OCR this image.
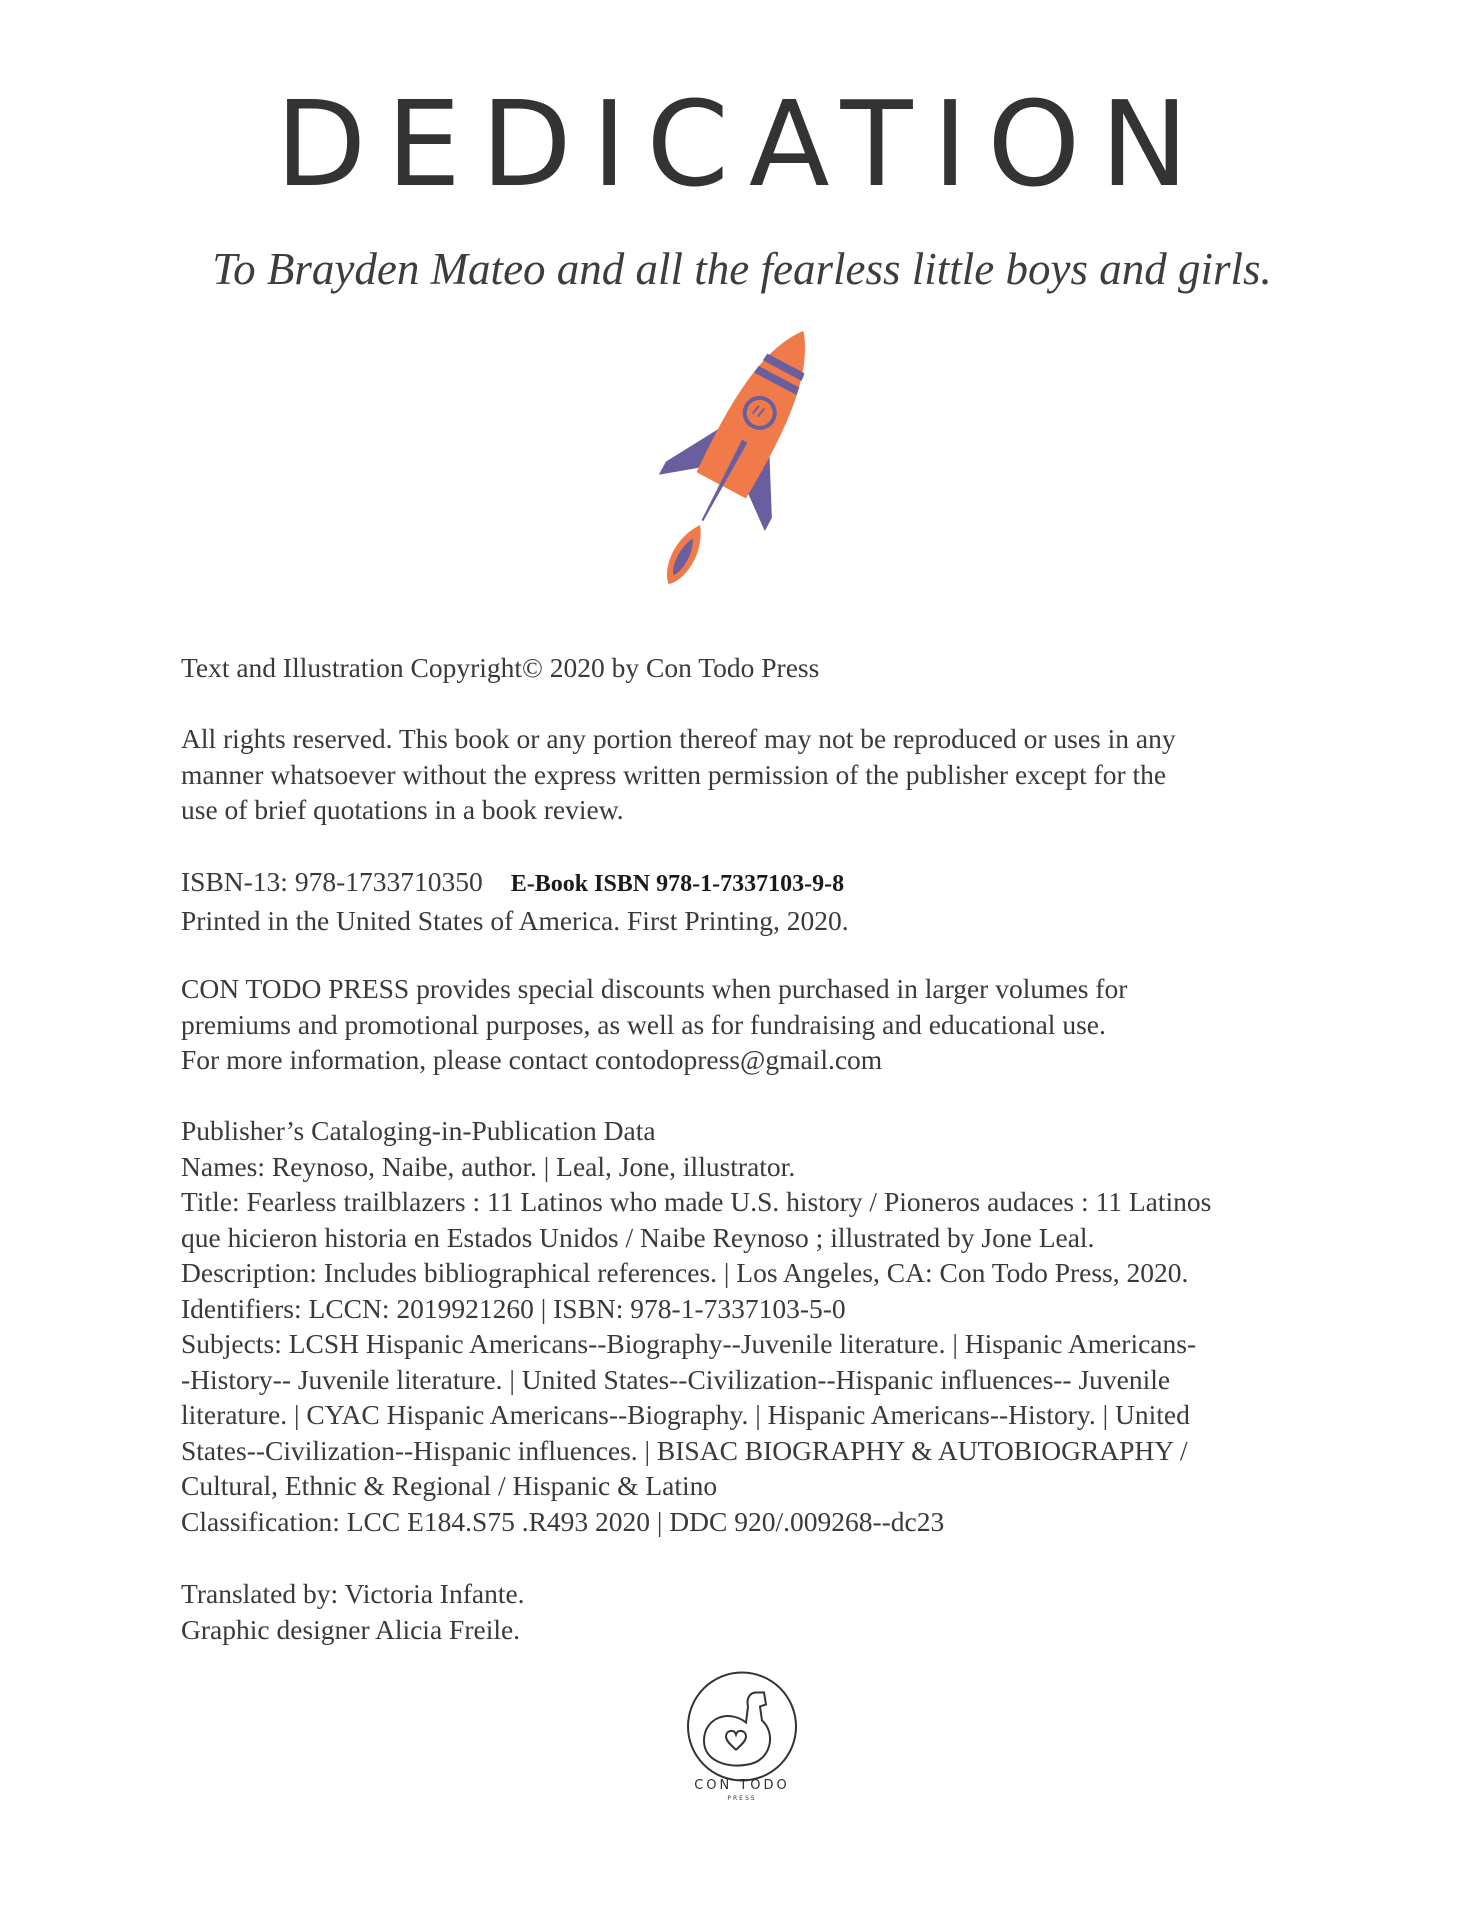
DEDICATION
To Brayden Mateo and all the fearless little boys and girls.
Text and Illustration Copyright© 2020 by Con Todo Press
All rights reserved. This book or any portion thereof may not be reproduced or uses in any
manner whatsoever without the express written permission of the publisher except for the
use of brief quotations in a book review.
ISBN-13: 978-1733710350 E-Book ISBN 978-1-7337103-9-8
Printed in the United States of America. First Printing, 2020.
CON TODO PRESS provides special discounts when purchased in larger volumes for
premiums and promotional purposes, as well as for fundraising and educational use.
For more information, please contact contodopress@gmail.com
Publisher’s Cataloging-in-Publication Data
Names: Reynoso, Naibe, author. | Leal, Jone, illustrator.
Title: Fearless trailblazers : 11 Latinos who made U.S. history / Pioneros audaces : 11 Latinos
que hicieron historia en Estados Unidos / Naibe Reynoso ; illustrated by Jone Leal.
Description: Includes bibliographical references. | Los Angeles, CA: Con Todo Press, 2020.
Identifiers: LCCN: 2019921260 | ISBN: 978-1-7337103-5-0
Subjects: LCSH Hispanic Americans--Biography--Juvenile literature. | Hispanic Americans-
-History-- Juvenile literature. | United States--Civilization--Hispanic influences-- Juvenile
literature. | CYAC Hispanic Americans--Biography. | Hispanic Americans--History. | United
States--Civilization--Hispanic influences. | BISAC BIOGRAPHY & AUTOBIOGRAPHY /
Cultural, Ethnic & Regional / Hispanic & Latino
Classification: LCC E184.S75 .R493 2020 | DDC 920/.009268--dc23
Translated by: Victoria Infante.
Graphic designer Alicia Freile.
CON TODO
PRESS
